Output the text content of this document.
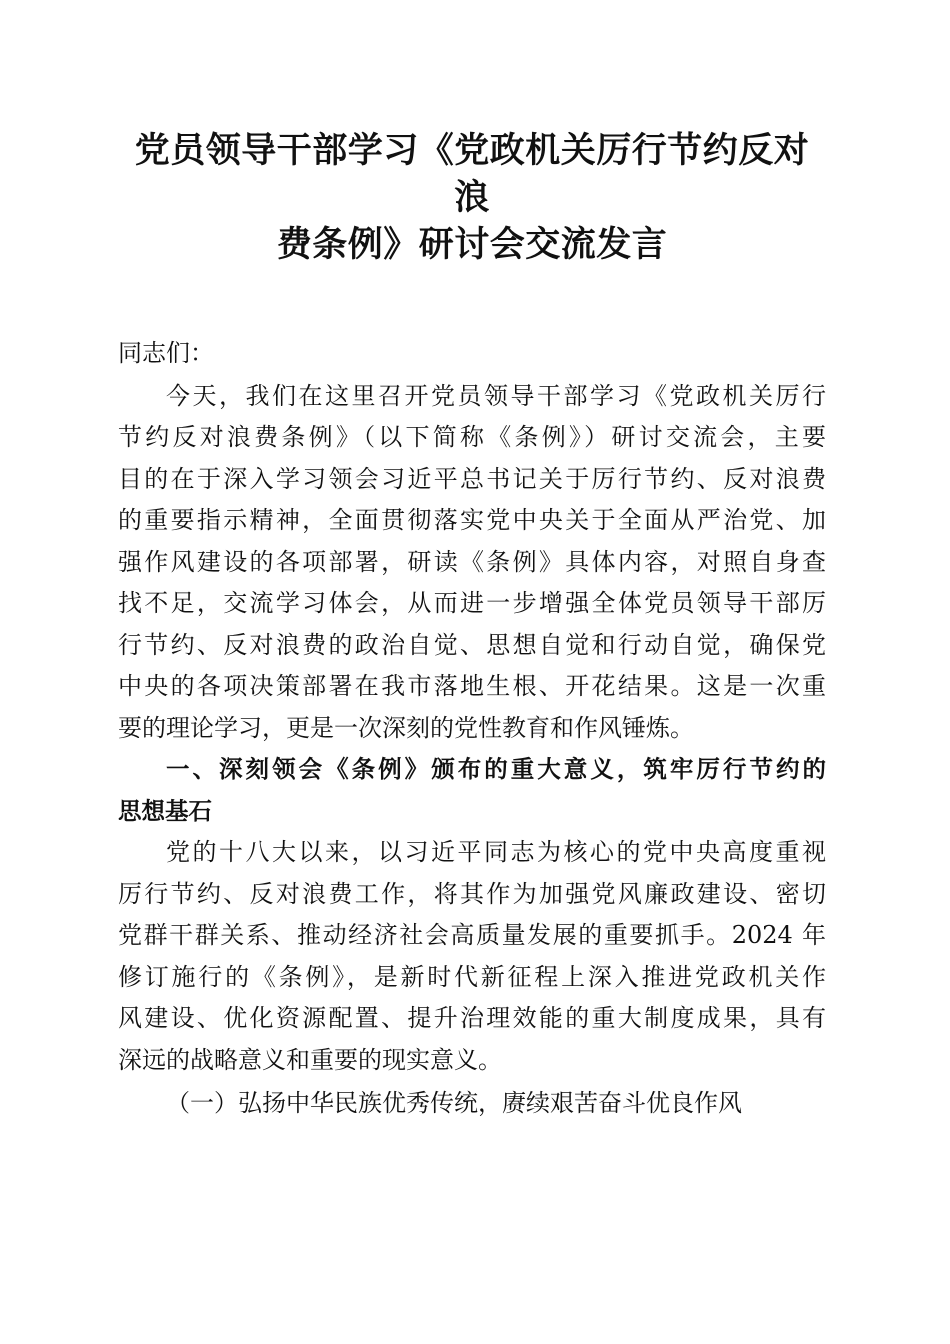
党员领导干部学习《党政机关厉行节约反对浪
费条例》研讨会交流发言
同志们：

今天，我们在这里召开党员领导干部学习《党政机关厉行
节约反对浪费条例》（以下简称《条例》）研讨交流会，主要
目的在于深入学习领会习近平总书记关于厉行节约、反对浪费
的重要指示精神，全面贯彻落实党中央关于全面从严治党、加
强作风建设的各项部署，研读《条例》具体内容，对照自身查
找不足，交流学习体会，从而进一步增强全体党员领导干部厉
行节约、反对浪费的政治自觉、思想自觉和行动自觉，确保党
中央的各项决策部署在我市落地生根、开花结果。这是一次重
要的理论学习，更是一次深刻的党性教育和作风锤炼。

一、深刻领会《条例》颁布的重大意义，筑牢厉行节约的
思想基石

党的十八大以来，以习近平同志为核心的党中央高度重视
厉行节约、反对浪费工作，将其作为加强党风廉政建设、密切
党群干群关系、推动经济社会高质量发展的重要抓手。2024 年
修订施行的《条例》，是新时代新征程上深入推进党政机关作
风建设、优化资源配置、提升治理效能的重大制度成果，具有
深远的战略意义和重要的现实意义。

（一）弘扬中华民族优秀传统，赓续艰苦奋斗优良作风
